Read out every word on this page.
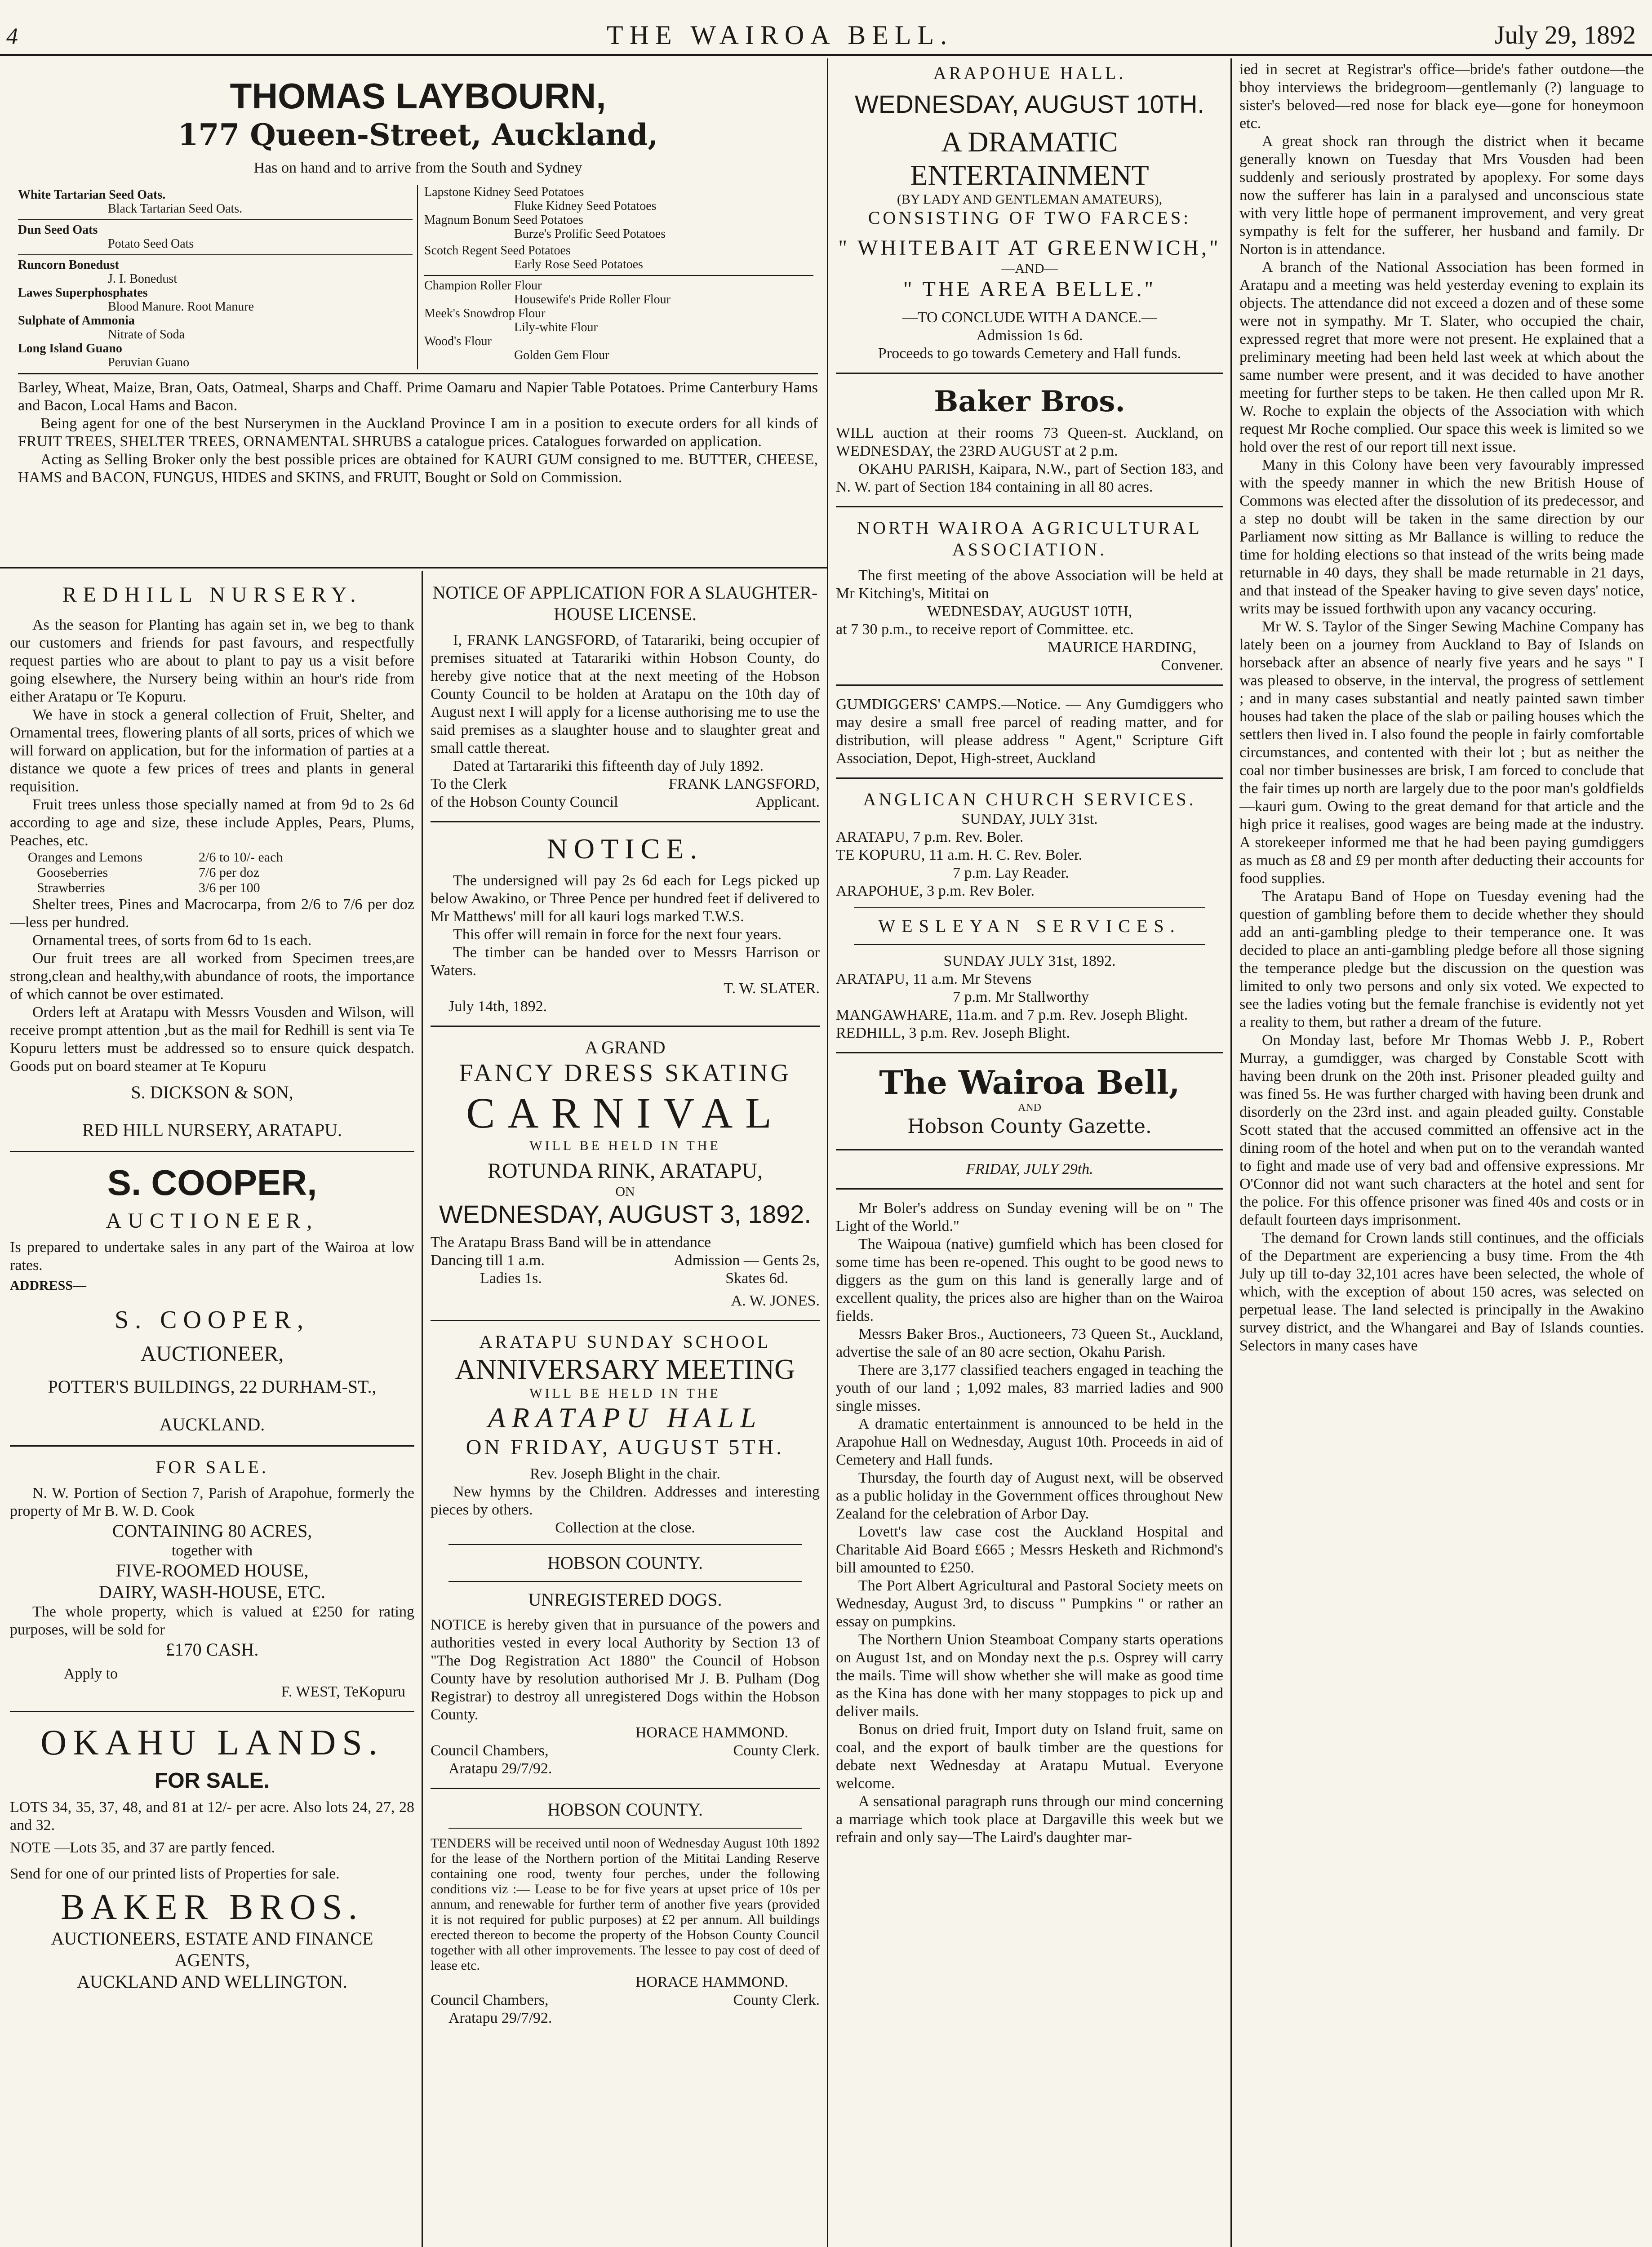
4	THE WAIROA BELL.	July 29, 1892
THOMAS LAYBOURN,
177 Queen-Street, Auckland,
Has on hand and to arrive from the South and Sydney
White Tartarian Seed Oats.
Black Tartarian Seed Oats.
Dun Seed Oats
Potato Seed Oats
Runcorn Bonedust
J. I. Bonedust
Lawes Superphosphates
Blood Manure. Root Manure
Sulphate of Ammonia
Nitrate of Soda
Long Island Guano
Peruvian Guano
Lapstone Kidney Seed Potatoes
Fluke Kidney Seed Potatoes
Magnum Bonum Seed Potatoes
Burze's Prolific Seed Potatoes
Scotch Regent Seed Potatoes
Early Rose Seed Potatoes
Champion Roller Flour
Housewife's Pride Roller Flour
Meek's Snowdrop Flour
Lily-white Flour
Wood's Flour
Golden Gem Flour

Barley, Wheat, Maize, Bran, Oats, Oatmeal, Sharps and Chaff. Prime Oamaru and Napier Table Potatoes. Prime Canterbury Hams and Bacon, Local Hams and Bacon.

Being agent for one of the best Nurserymen in the Auckland Province I am in a position to execute orders for all kinds of FRUIT TREES, SHELTER TREES, ORNAMENTAL SHRUBS a catalogue prices. Catalogues forwarded on application.

Acting as Selling Broker only the best possible prices are obtained for KAURI GUM consigned to me. BUTTER, CHEESE, HAMS and BACON, FUNGUS, HIDES and SKINS, and FRUIT, Bought or Sold on Commission.

REDHILL NURSERY.

As the season for Planting has again set in, we beg to thank our customers and friends for past favours, and respectfully request parties who are about to plant to pay us a visit before going elsewhere, the Nursery being within an hour's ride from either Aratapu or Te Kopuru.

We have in stock a general collection of Fruit, Shelter, and Ornamental trees, flowering plants of all sorts, prices of which we will forward on application, but for the information of parties at a distance we quote a few prices of trees and plants in general requisition.

Fruit trees unless those specially named at from 9d to 2s 6d according to age and size, these include Apples, Pears, Plums, Peaches, etc.

Oranges and Lemons	2/6 to 10/- each
Gooseberries	7/6 per doz
Strawberries	3/6 per 100

Shelter trees, Pines and Macrocarpa, from 2/6 to 7/6 per doz—less per hundred.

Ornamental trees, of sorts from 6d to 1s each.

Our fruit trees are all worked from Specimen trees,are strong,clean and healthy,with abundance of roots, the importance of which cannot be over estimated.

Orders left at Aratapu with Messrs Vousden and Wilson, will receive prompt attention ,but as the mail for Redhill is sent via Te Kopuru letters must be addressed so to ensure quick despatch. Goods put on board steamer at Te Kopuru

S. DICKSON & SON,
RED HILL NURSERY, ARATAPU.
S. COOPER,
AUCTIONEER,

Is prepared to undertake sales in any part of the Wairoa at low rates.

ADDRESS—

S. COOPER,
AUCTIONEER,
POTTER'S BUILDINGS, 22 DURHAM-ST.,
AUCKLAND.
FOR SALE.

N. W. Portion of Section 7, Parish of Arapohue, formerly the property of Mr B. W. D. Cook

CONTAINING 80 ACRES,
together with
FIVE-ROOMED HOUSE,
DAIRY, WASH-HOUSE, ETC.

The whole property, which is valued at £250 for rating purposes, will be sold for

£170 CASH.
Apply to
F. WEST, TeKopuru
OKAHU LANDS.
FOR SALE.

LOTS 34, 35, 37, 48, and 81 at 12/- per acre. Also lots 24, 27, 28 and 32.

NOTE —Lots 35, and 37 are partly fenced.

Send for one of our printed lists of Properties for sale.

BAKER BROS.
AUCTIONEERS, ESTATE AND FINANCE
AGENTS,
AUCKLAND AND WELLINGTON.
NOTICE OF APPLICATION FOR A SLAUGHTER-HOUSE LICENSE.

I, FRANK LANGSFORD, of Tatarariki, being occupier of premises situated at Tatarariki within Hobson County, do hereby give notice that at the next meeting of the Hobson County Council to be holden at Aratapu on the 10th day of August next I will apply for a license authorising me to use the said premises as a slaughter house and to slaughter great and small cattle thereat.

Dated at Tartarariki this fifteenth day of July 1892.

To the Clerk	FRANK LANGSFORD,
of the Hobson County Council	Applicant.
NOTICE.

The undersigned will pay 2s 6d each for Legs picked up below Awakino, or Three Pence per hundred feet if delivered to Mr Matthews' mill for all kauri logs marked T.W.S.

This offer will remain in force for the next four years.

The timber can be handed over to Messrs Harrison or Waters.

T. W. SLATER.
July 14th, 1892.
A GRAND
FANCY DRESS SKATING
CARNIVAL
WILL BE HELD IN THE
ROTUNDA RINK, ARATAPU,
ON
WEDNESDAY, AUGUST 3, 1892.

The Aratapu Brass Band will be in attendance

Dancing till 1 a.m.	Admission — Gents 2s,
Ladies 1s.	Skates 6d.
A. W. JONES.
ARATAPU SUNDAY SCHOOL
ANNIVERSARY MEETING
WILL BE HELD IN THE
ARATAPU HALL
ON FRIDAY, AUGUST 5TH.
Rev. Joseph Blight in the chair.

New hymns by the Children. Addresses and interesting pieces by others.

Collection at the close.
HOBSON COUNTY.
UNREGISTERED DOGS.

NOTICE is hereby given that in pursuance of the powers and authorities vested in every local Authority by Section 13 of "The Dog Registration Act 1880" the Council of Hobson County have by resolution authorised Mr J. B. Pulham (Dog Registrar) to destroy all unregistered Dogs within the Hobson County.

HORACE HAMMOND.
Council Chambers,	County Clerk.
Aratapu 29/7/92.
HOBSON COUNTY.

TENDERS will be received until noon of Wednesday August 10th 1892 for the lease of the Northern portion of the Mititai Landing Reserve containing one rood, twenty four perches, under the following conditions viz :— Lease to be for five years at upset price of 10s per annum, and renewable for further term of another five years (provided it is not required for public purposes) at £2 per annum. All buildings erected thereon to become the property of the Hobson County Council together with all other improvements. The lessee to pay cost of deed of lease etc.

HORACE HAMMOND.
Council Chambers,	County Clerk.
Aratapu 29/7/92.
ARAPOHUE HALL.
WEDNESDAY, AUGUST 10TH.
A DRAMATIC ENTERTAINMENT
(BY LADY AND GENTLEMAN AMATEURS),
CONSISTING OF TWO FARCES:
" WHITEBAIT AT GREENWICH,"
—AND—
" THE AREA BELLE."
—TO CONCLUDE WITH A DANCE.—
Admission 1s 6d.
Proceeds to go towards Cemetery and Hall funds.
Baker Bros.

WILL auction at their rooms 73 Queen-st. Auckland, on WEDNESDAY, the 23RD AUGUST at 2 p.m.

OKAHU PARISH, Kaipara, N.W., part of Section 183, and N. W. part of Section 184 containing in all 80 acres.

NORTH WAIROA AGRICULTURAL ASSOCIATION.

The first meeting of the above Association will be held at Mr Kitching's, Mititai on

WEDNESDAY, AUGUST 10TH,

at 7 30 p.m., to receive report of Committee. etc.

MAURICE HARDING,
Convener.

GUMDIGGERS' CAMPS.—Notice. — Any Gumdiggers who may desire a small free parcel of reading matter, and for distribution, will please address " Agent," Scripture Gift Association, Depot, High-street, Auckland

ANGLICAN CHURCH SERVICES.
SUNDAY, JULY 31st.
ARATAPU, 7 p.m. Rev. Boler.
TE KOPURU, 11 a.m. H. C. Rev. Boler.
7 p.m. Lay Reader.
ARAPOHUE, 3 p.m. Rev Boler.
WESLEYAN SERVICES.
SUNDAY JULY 31st, 1892.
ARATAPU, 11 a.m. Mr Stevens
7 p.m. Mr Stallworthy
MANGAWHARE, 11a.m. and 7 p.m. Rev. Joseph Blight.
REDHILL, 3 p.m. Rev. Joseph Blight.
The Wairoa Bell,
AND
Hobson County Gazette.
FRIDAY, JULY 29th.

Mr Boler's address on Sunday evening will be on " The Light of the World."

The Waipoua (native) gumfield which has been closed for some time has been re-opened. This ought to be good news to diggers as the gum on this land is generally large and of excellent quality, the prices also are higher than on the Wairoa fields.

Messrs Baker Bros., Auctioneers, 73 Queen St., Auckland, advertise the sale of an 80 acre section, Okahu Parish.

There are 3,177 classified teachers engaged in teaching the youth of our land ; 1,092 males, 83 married ladies and 900 single misses.

A dramatic entertainment is announced to be held in the Arapohue Hall on Wednesday, August 10th. Proceeds in aid of Cemetery and Hall funds.

Thursday, the fourth day of August next, will be observed as a public holiday in the Government offices throughout New Zealand for the celebration of Arbor Day.

Lovett's law case cost the Auckland Hospital and Charitable Aid Board £665 ; Messrs Hesketh and Richmond's bill amounted to £250.

The Port Albert Agricultural and Pastoral Society meets on Wednesday, August 3rd, to discuss " Pumpkins " or rather an essay on pumpkins.

The Northern Union Steamboat Company starts operations on August 1st, and on Monday next the p.s. Osprey will carry the mails. Time will show whether she will make as good time as the Kina has done with her many stoppages to pick up and deliver mails.

Bonus on dried fruit, Import duty on Island fruit, same on coal, and the export of baulk timber are the questions for debate next Wednesday at Aratapu Mutual. Everyone welcome.

A sensational paragraph runs through our mind concerning a marriage which took place at Dargaville this week but we refrain and only say—The Laird's daughter mar-

ied in secret at Registrar's office—bride's father outdone—the bhoy interviews the bridegroom—gentlemanly (?) language to sister's beloved—red nose for black eye—gone for honeymoon etc.

A great shock ran through the district when it became generally known on Tuesday that Mrs Vousden had been suddenly and seriously prostrated by apoplexy. For some days now the sufferer has lain in a paralysed and unconscious state with very little hope of permanent improvement, and very great sympathy is felt for the sufferer, her husband and family. Dr Norton is in attendance.

A branch of the National Association has been formed in Aratapu and a meeting was held yesterday evening to explain its objects. The attendance did not exceed a dozen and of these some were not in sympathy. Mr T. Slater, who occupied the chair, expressed regret that more were not present. He explained that a preliminary meeting had been held last week at which about the same number were present, and it was decided to have another meeting for further steps to be taken. He then called upon Mr R. W. Roche to explain the objects of the Association with which request Mr Roche complied. Our space this week is limited so we hold over the rest of our report till next issue.

Many in this Colony have been very favourably impressed with the speedy manner in which the new British House of Commons was elected after the dissolution of its predecessor, and a step no doubt will be taken in the same direction by our Parliament now sitting as Mr Ballance is willing to reduce the time for holding elections so that instead of the writs being made returnable in 40 days, they shall be made returnable in 21 days, and that instead of the Speaker having to give seven days' notice, writs may be issued forthwith upon any vacancy occuring.

Mr W. S. Taylor of the Singer Sewing Machine Company has lately been on a journey from Auckland to Bay of Islands on horseback after an absence of nearly five years and he says " I was pleased to observe, in the interval, the progress of settlement ; and in many cases substantial and neatly painted sawn timber houses had taken the place of the slab or pailing houses which the settlers then lived in. I also found the people in fairly comfortable circumstances, and contented with their lot ; but as neither the coal nor timber businesses are brisk, I am forced to conclude that the fair times up north are largely due to the poor man's goldfields—kauri gum. Owing to the great demand for that article and the high price it realises, good wages are being made at the industry. A storekeeper informed me that he had been paying gumdiggers as much as £8 and £9 per month after deducting their accounts for food supplies.

The Aratapu Band of Hope on Tuesday evening had the question of gambling before them to decide whether they should add an anti-gambling pledge to their temperance one. It was decided to place an anti-gambling pledge before all those signing the temperance pledge but the discussion on the question was limited to only two persons and only six voted. We expected to see the ladies voting but the female franchise is evidently not yet a reality to them, but rather a dream of the future.

On Monday last, before Mr Thomas Webb J. P., Robert Murray, a gumdigger, was charged by Constable Scott with having been drunk on the 20th inst. Prisoner pleaded guilty and was fined 5s. He was further charged with having been drunk and disorderly on the 23rd inst. and again pleaded guilty. Constable Scott stated that the accused committed an offensive act in the dining room of the hotel and when put on to the verandah wanted to fight and made use of very bad and offensive expressions. Mr O'Connor did not want such characters at the hotel and sent for the police. For this offence prisoner was fined 40s and costs or in default fourteen days imprisonment.

The demand for Crown lands still continues, and the officials of the Department are experiencing a busy time. From the 4th July up till to-day 32,101 acres have been selected, the whole of which, with the exception of about 150 acres, was selected on perpetual lease. The land selected is principally in the Awakino survey district, and the Whangarei and Bay of Islands counties. Selectors in many cases have
